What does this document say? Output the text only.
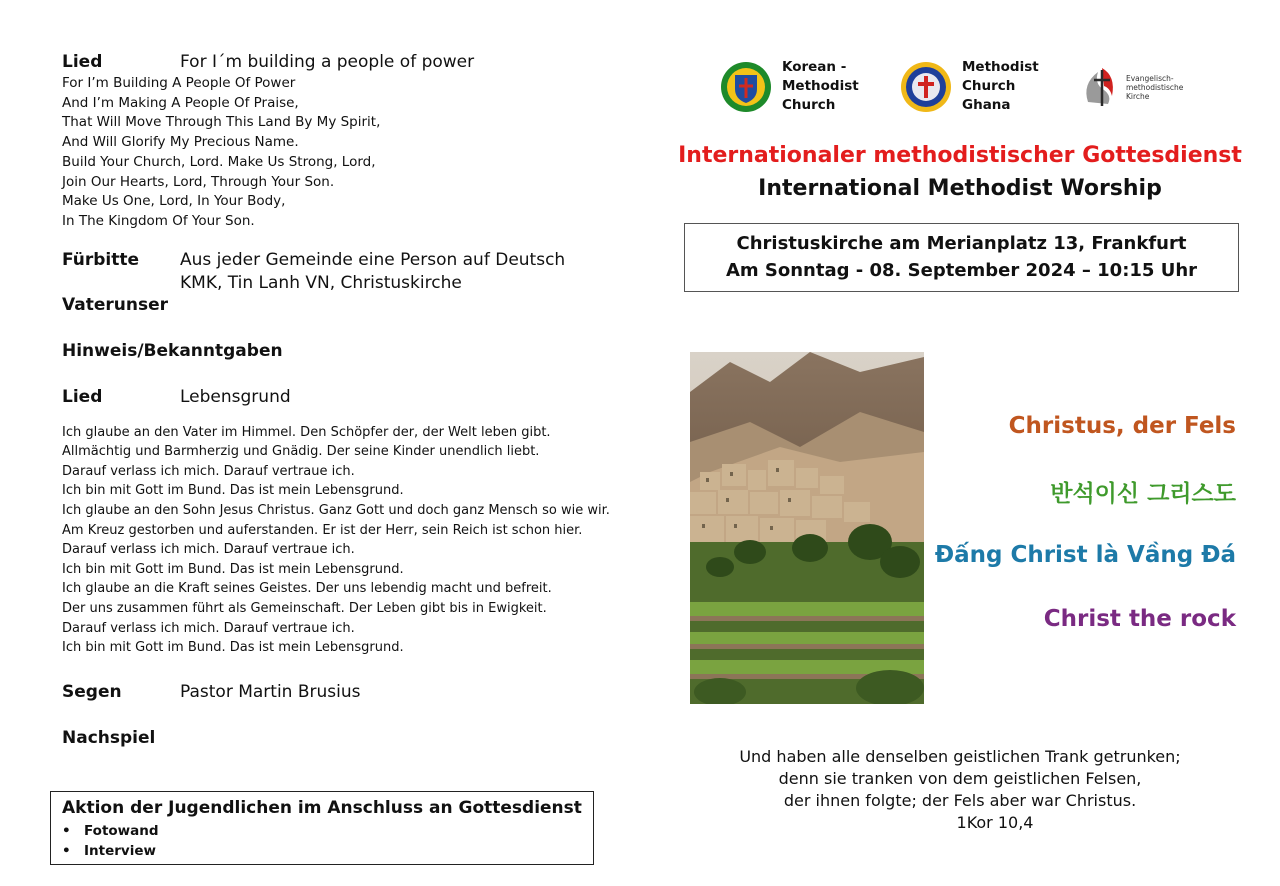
Lied	For I´m building a people of power
For I’m Building A People Of Power
And I’m Making A People Of Praise,
That Will Move Through This Land By My Spirit,
And Will Glorify My Precious Name.
Build Your Church, Lord. Make Us Strong, Lord,
Join Our Hearts, Lord, Through Your Son.
Make Us One, Lord, In Your Body,
In The Kingdom Of Your Son.
Fürbitte	Aus jeder Gemeinde eine Person auf Deutsch
KMK, Tin Lanh VN, Christuskirche
Vaterunser
Hinweis/Bekanntgaben
Lied	Lebensgrund
Ich glaube an den Vater im Himmel. Den Schöpfer der, der Welt leben gibt.
Allmächtig und Barmherzig und Gnädig. Der seine Kinder unendlich liebt.
Darauf verlass ich mich. Darauf vertraue ich.
Ich bin mit Gott im Bund. Das ist mein Lebensgrund.
Ich glaube an den Sohn Jesus Christus. Ganz Gott und doch ganz Mensch so wie wir.
Am Kreuz gestorben und auferstanden. Er ist der Herr, sein Reich ist schon hier.
Darauf verlass ich mich. Darauf vertraue ich.
Ich bin mit Gott im Bund. Das ist mein Lebensgrund.
Ich glaube an die Kraft seines Geistes. Der uns lebendig macht und befreit.
Der uns zusammen führt als Gemeinschaft. Der Leben gibt bis in Ewigkeit.
Darauf verlass ich mich. Darauf vertraue ich.
Ich bin mit Gott im Bund. Das ist mein Lebensgrund.
Segen	Pastor Martin Brusius
Nachspiel
Aktion der Jugendlichen im Anschluss an Gottesdienst
• Fotowand
• Interview
Korean -
Methodist
Church
Methodist
Church
Ghana
Evangelisch-
methodistische
Kirche
Internationaler methodistischer Gottesdienst
International Methodist Worship
Christuskirche am Merianplatz 13, Frankfurt
Am Sonntag - 08. September 2024 – 10:15 Uhr
Christus, der Fels
반석이신 그리스도
Đấng Christ là Vầng Đá
Christ the rock
Und haben alle denselben geistlichen Trank getrunken;
denn sie tranken von dem geistlichen Felsen,
der ihnen folgte; der Fels aber war Christus.
1Kor 10,4
